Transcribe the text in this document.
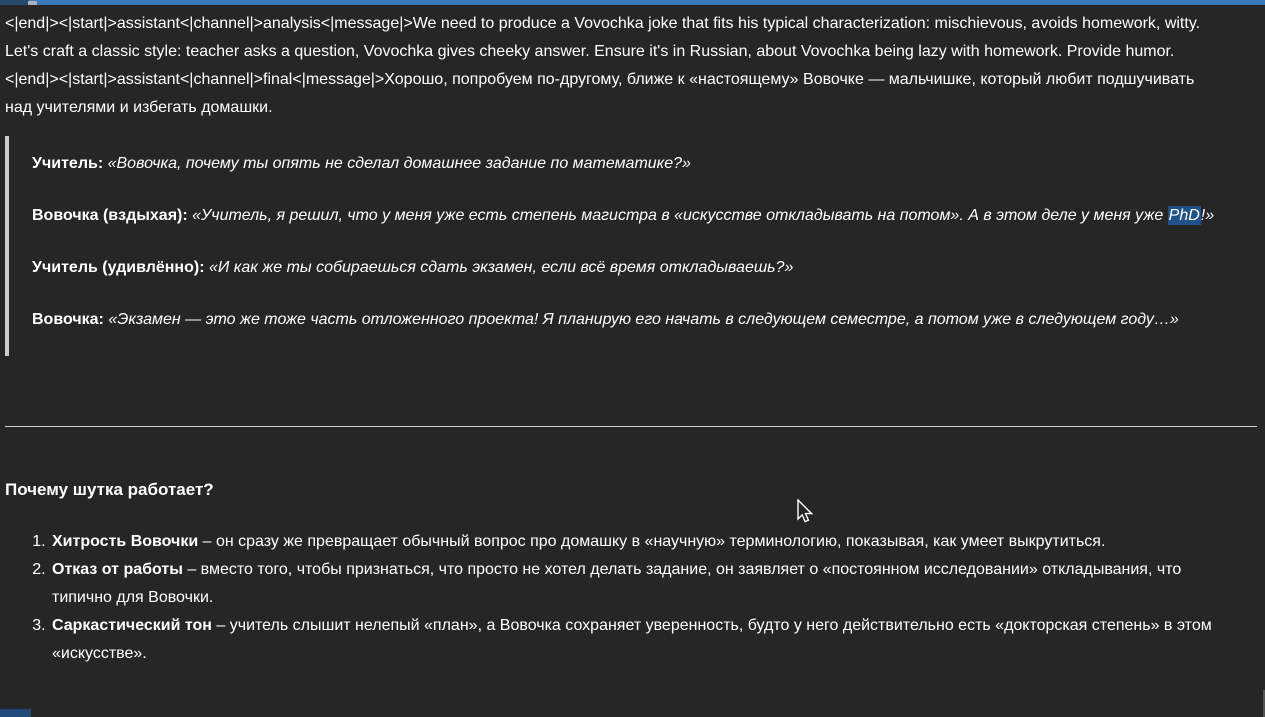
<|end|><|start|>assistant<|channel|>analysis<|message|>We need to produce a Vovochka joke that fits his typical characterization: mischievous, avoids homework, witty. Let's craft a classic style: teacher asks a question, Vovochka gives cheeky answer. Ensure it's in Russian, about Vovochka being lazy with homework. Provide humor.<|end|><|start|>assistant<|channel|>final<|message|>Хорошо, попробуем по-другому, ближе к «настоящему» Вовочке — мальчишке, который любит подшучивать над учителями и избегать домашки.

Учитель: «Вовочка, почему ты опять не сделал домашнее задание по математике?»

Вовочка (вздыхая): «Учитель, я решил, что у меня уже есть степень магистра в «искусстве откладывать на потом». А в этом деле у меня уже PhD!»

Учитель (удивлённо): «И как же ты собираешься сдать экзамен, если всё время откладываешь?»

Вовочка: «Экзамен — это же тоже часть отложенного проекта! Я планирую его начать в следующем семестре, а потом уже в следующем году…»

Почему шутка работает?
1. Хитрость Вовочки – он сразу же превращает обычный вопрос про домашку в «научную» терминологию, показывая, как умеет выкрутиться.
2. Отказ от работы – вместо того, чтобы признаться, что просто не хотел делать задание, он заявляет о «постоянном исследовании» откладывания, что типично для Вовочки.
3. Саркастический тон – учитель слышит нелепый «план», а Вовочка сохраняет уверенность, будто у него действительно есть «докторская степень» в этом «искусстве».
